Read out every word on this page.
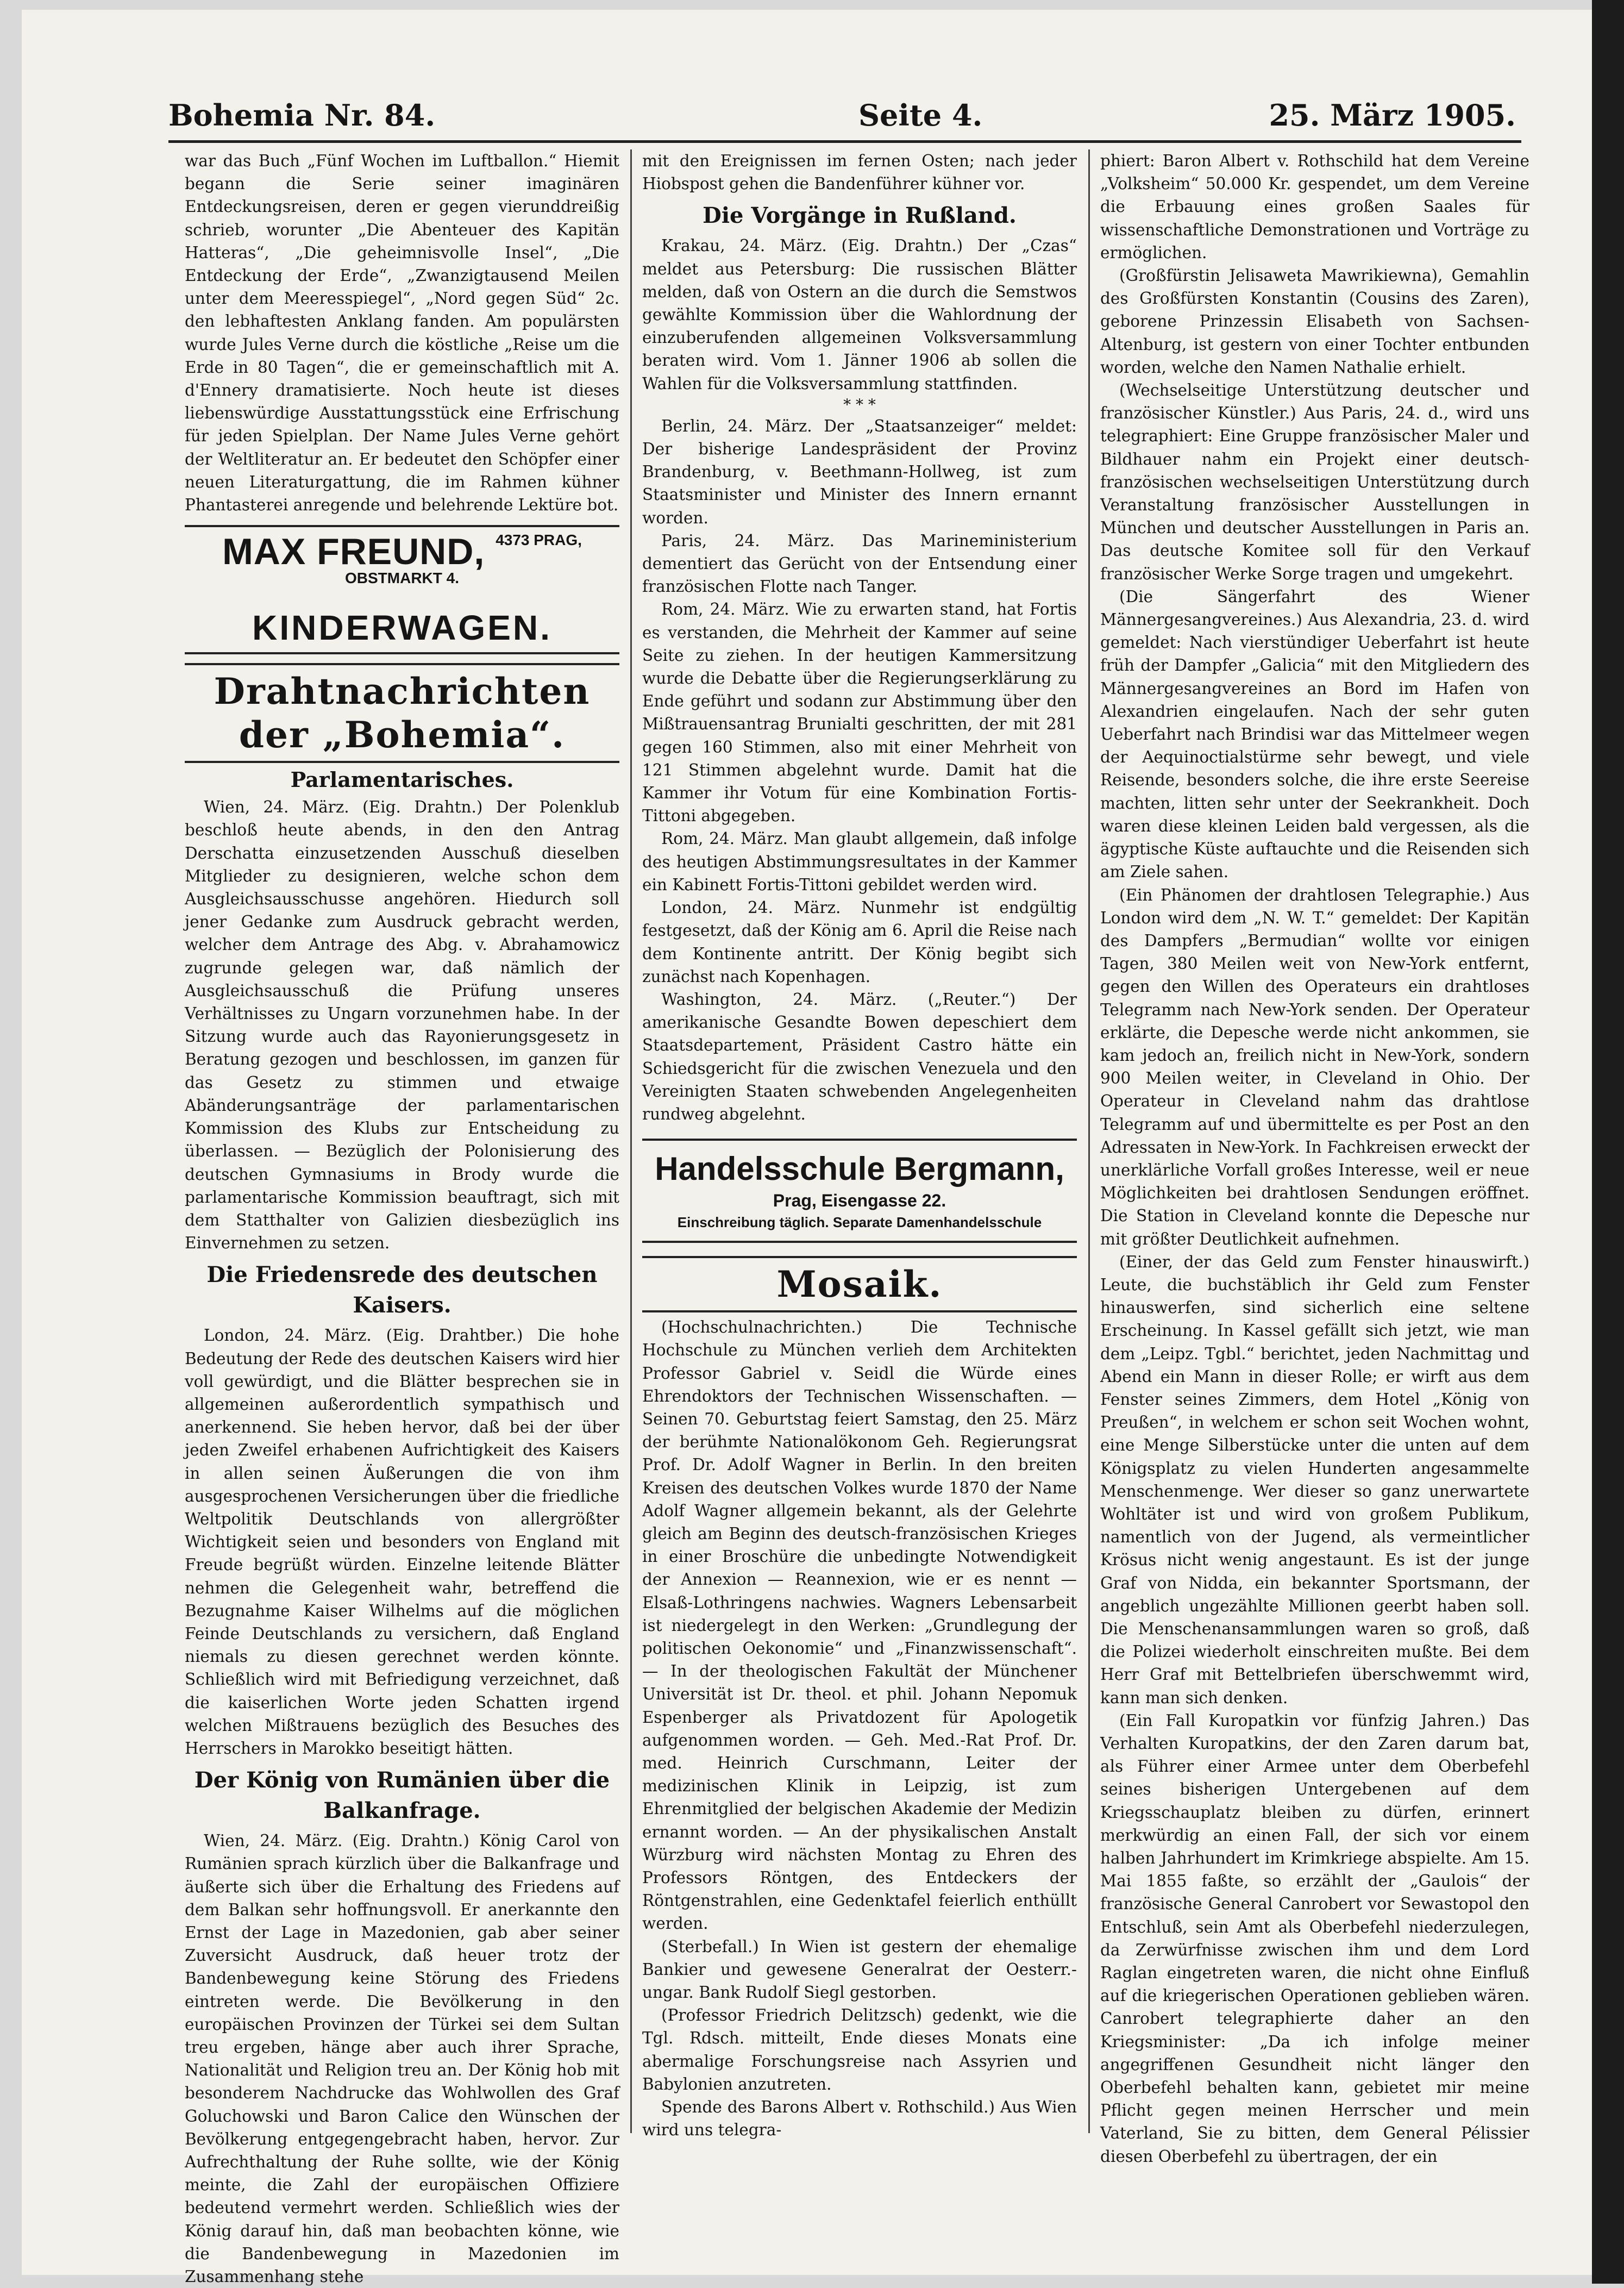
Bohemia Nr. 84.	Seite 4.	25. März 1905.

war das Buch „Fünf Wochen im Luftballon.“ Hiemit begann die Serie seiner imaginären Entdeckungsreisen, deren er gegen vierunddreißig schrieb, worunter „Die Abenteuer des Kapitän Hatteras“, „Die geheimnisvolle Insel“, „Die Entdeckung der Erde“, „Zwanzigtausend Meilen unter dem Meeresspiegel“, „Nord gegen Süd“ 2c. den lebhaftesten Anklang fanden. Am populärsten wurde Jules Verne durch die köstliche „Reise um die Erde in 80 Tagen“, die er gemeinschaftlich mit A. d'Ennery dramatisierte. Noch heute ist dieses liebenswürdige Ausstattungsstück eine Erfrischung für jeden Spielplan. Der Name Jules Verne gehört der Weltliteratur an. Er bedeutet den Schöpfer einer neuen Literaturgattung, die im Rahmen kühner Phantasterei anregende und belehrende Lektüre bot.

MAX FREUND, $^{4373 PRAG, OBSTMARKT 4.}$
KINDERWAGEN.
Drahtnachrichten der „Bohemia“.
Parlamentarisches.

Wien, 24. März. (Eig. Drahtn.) Der Polenklub beschloß heute abends, in den den Antrag Derschatta einzusetzenden Ausschuß dieselben Mitglieder zu designieren, welche schon dem Ausgleichsausschusse angehören. Hiedurch soll jener Gedanke zum Ausdruck gebracht werden, welcher dem Antrage des Abg. v. Abrahamowicz zugrunde gelegen war, daß nämlich der Ausgleichsausschuß die Prüfung unseres Verhältnisses zu Ungarn vorzunehmen habe. In der Sitzung wurde auch das Rayonierungsgesetz in Beratung gezogen und beschlossen, im ganzen für das Gesetz zu stimmen und etwaige Abänderungsanträge der parlamentarischen Kommission des Klubs zur Entscheidung zu überlassen. — Bezüglich der Polonisierung des deutschen Gymnasiums in Brody wurde die parlamentarische Kommission beauftragt, sich mit dem Statthalter von Galizien diesbezüglich ins Einvernehmen zu setzen.

Die Friedensrede des deutschen Kaisers.

London, 24. März. (Eig. Drahtber.) Die hohe Bedeutung der Rede des deutschen Kaisers wird hier voll gewürdigt, und die Blätter besprechen sie in allgemeinen außerordentlich sympathisch und anerkennend. Sie heben hervor, daß bei der über jeden Zweifel erhabenen Aufrichtigkeit des Kaisers in allen seinen Äußerungen die von ihm ausgesprochenen Versicherungen über die friedliche Weltpolitik Deutschlands von allergrößter Wichtigkeit seien und besonders von England mit Freude begrüßt würden. Einzelne leitende Blätter nehmen die Gelegenheit wahr, betreffend die Bezugnahme Kaiser Wilhelms auf die möglichen Feinde Deutschlands zu versichern, daß England niemals zu diesen gerechnet werden könnte. Schließlich wird mit Befriedigung verzeichnet, daß die kaiserlichen Worte jeden Schatten irgend welchen Mißtrauens bezüglich des Besuches des Herrschers in Marokko beseitigt hätten.

Der König von Rumänien über die Balkanfrage.

Wien, 24. März. (Eig. Drahtn.) König Carol von Rumänien sprach kürzlich über die Balkanfrage und äußerte sich über die Erhaltung des Friedens auf dem Balkan sehr hoffnungsvoll. Er anerkannte den Ernst der Lage in Mazedonien, gab aber seiner Zuversicht Ausdruck, daß heuer trotz der Bandenbewegung keine Störung des Friedens eintreten werde. Die Bevölkerung in den europäischen Provinzen der Türkei sei dem Sultan treu ergeben, hänge aber auch ihrer Sprache, Nationalität und Religion treu an. Der König hob mit besonderem Nachdrucke das Wohlwollen des Graf Goluchowski und Baron Calice den Wünschen der Bevölkerung entgegengebracht haben, hervor. Zur Aufrechthaltung der Ruhe sollte, wie der König meinte, die Zahl der europäischen Offiziere bedeutend vermehrt werden. Schließlich wies der König darauf hin, daß man beobachten könne, wie die Bandenbewegung in Mazedonien im Zusammenhang stehe

mit den Ereignissen im fernen Osten; nach jeder Hiobspost gehen die Bandenführer kühner vor.

Die Vorgänge in Rußland.

Krakau, 24. März. (Eig. Drahtn.) Der „Czas“ meldet aus Petersburg: Die russischen Blätter melden, daß von Ostern an die durch die Semstwos gewählte Kommission über die Wahlordnung der einzuberufenden allgemeinen Volksversammlung beraten wird. Vom 1. Jänner 1906 ab sollen die Wahlen für die Volksversammlung stattfinden.

* * *

Berlin, 24. März. Der „Staatsanzeiger“ meldet: Der bisherige Landespräsident der Provinz Brandenburg, v. Beethmann-Hollweg, ist zum Staatsminister und Minister des Innern ernannt worden.

Paris, 24. März. Das Marineministerium dementiert das Gerücht von der Entsendung einer französischen Flotte nach Tanger.

Rom, 24. März. Wie zu erwarten stand, hat Fortis es verstanden, die Mehrheit der Kammer auf seine Seite zu ziehen. In der heutigen Kammersitzung wurde die Debatte über die Regierungserklärung zu Ende geführt und sodann zur Abstimmung über den Mißtrauensantrag Brunialti geschritten, der mit 281 gegen 160 Stimmen, also mit einer Mehrheit von 121 Stimmen abgelehnt wurde. Damit hat die Kammer ihr Votum für eine Kombination Fortis-Tittoni abgegeben.

Rom, 24. März. Man glaubt allgemein, daß infolge des heutigen Abstimmungsresultates in der Kammer ein Kabinett Fortis-Tittoni gebildet werden wird.

London, 24. März. Nunmehr ist endgültig festgesetzt, daß der König am 6. April die Reise nach dem Kontinente antritt. Der König begibt sich zunächst nach Kopenhagen.

Washington, 24. März. („Reuter.“) Der amerikanische Gesandte Bowen depeschiert dem Staatsdepartement, Präsident Castro hätte ein Schiedsgericht für die zwischen Venezuela und den Vereinigten Staaten schwebenden Angelegenheiten rundweg abgelehnt.

Handelsschule Bergmann,
Prag, Eisengasse 22.
Einschreibung täglich. Separate Damenhandelsschule
Mosaik.

(Hochschulnachrichten.) Die Technische Hochschule zu München verlieh dem Architekten Professor Gabriel v. Seidl die Würde eines Ehrendoktors der Technischen Wissenschaften. — Seinen 70. Geburtstag feiert Samstag, den 25. März der berühmte Nationalökonom Geh. Regierungsrat Prof. Dr. Adolf Wagner in Berlin. In den breiten Kreisen des deutschen Volkes wurde 1870 der Name Adolf Wagner allgemein bekannt, als der Gelehrte gleich am Beginn des deutsch-französischen Krieges in einer Broschüre die unbedingte Notwendigkeit der Annexion — Reannexion, wie er es nennt — Elsaß-Lothringens nachwies. Wagners Lebensarbeit ist niedergelegt in den Werken: „Grundlegung der politischen Oekonomie“ und „Finanzwissenschaft“. — In der theologischen Fakultät der Münchener Universität ist Dr. theol. et phil. Johann Nepomuk Espenberger als Privatdozent für Apologetik aufgenommen worden. — Geh. Med.-Rat Prof. Dr. med. Heinrich Curschmann, Leiter der medizinischen Klinik in Leipzig, ist zum Ehrenmitglied der belgischen Akademie der Medizin ernannt worden. — An der physikalischen Anstalt Würzburg wird nächsten Montag zu Ehren des Professors Röntgen, des Entdeckers der Röntgenstrahlen, eine Gedenktafel feierlich enthüllt werden.

(Sterbefall.) In Wien ist gestern der ehemalige Bankier und gewesene Generalrat der Oesterr.-ungar. Bank Rudolf Siegl gestorben.

(Professor Friedrich Delitzsch) gedenkt, wie die Tgl. Rdsch. mitteilt, Ende dieses Monats eine abermalige Forschungsreise nach Assyrien und Babylonien anzutreten.

Spende des Barons Albert v. Rothschild.) Aus Wien wird uns telegra-

phiert: Baron Albert v. Rothschild hat dem Vereine „Volksheim“ 50.000 Kr. gespendet, um dem Vereine die Erbauung eines großen Saales für wissenschaftliche Demonstrationen und Vorträge zu ermöglichen.

(Großfürstin Jelisaweta Mawrikiewna), Gemahlin des Großfürsten Konstantin (Cousins des Zaren), geborene Prinzessin Elisabeth von Sachsen-Altenburg, ist gestern von einer Tochter entbunden worden, welche den Namen Nathalie erhielt.

(Wechselseitige Unterstützung deutscher und französischer Künstler.) Aus Paris, 24. d., wird uns telegraphiert: Eine Gruppe französischer Maler und Bildhauer nahm ein Projekt einer deutsch-französischen wechselseitigen Unterstützung durch Veranstaltung französischer Ausstellungen in München und deutscher Ausstellungen in Paris an. Das deutsche Komitee soll für den Verkauf französischer Werke Sorge tragen und umgekehrt.

(Die Sängerfahrt des Wiener Männergesangvereines.) Aus Alexandria, 23. d. wird gemeldet: Nach vierstündiger Ueberfahrt ist heute früh der Dampfer „Galicia“ mit den Mitgliedern des Männergesangvereines an Bord im Hafen von Alexandrien eingelaufen. Nach der sehr guten Ueberfahrt nach Brindisi war das Mittelmeer wegen der Aequinoctialstürme sehr bewegt, und viele Reisende, besonders solche, die ihre erste Seereise machten, litten sehr unter der Seekrankheit. Doch waren diese kleinen Leiden bald vergessen, als die ägyptische Küste auftauchte und die Reisenden sich am Ziele sahen.

(Ein Phänomen der drahtlosen Telegraphie.) Aus London wird dem „N. W. T.“ gemeldet: Der Kapitän des Dampfers „Bermudian“ wollte vor einigen Tagen, 380 Meilen weit von New-York entfernt, gegen den Willen des Operateurs ein drahtloses Telegramm nach New-York senden. Der Operateur erklärte, die Depesche werde nicht ankommen, sie kam jedoch an, freilich nicht in New-York, sondern 900 Meilen weiter, in Cleveland in Ohio. Der Operateur in Cleveland nahm das drahtlose Telegramm auf und übermittelte es per Post an den Adressaten in New-York. In Fachkreisen erweckt der unerklärliche Vorfall großes Interesse, weil er neue Möglichkeiten bei drahtlosen Sendungen eröffnet. Die Station in Cleveland konnte die Depesche nur mit größter Deutlichkeit aufnehmen.

(Einer, der das Geld zum Fenster hinauswirft.) Leute, die buchstäblich ihr Geld zum Fenster hinauswerfen, sind sicherlich eine seltene Erscheinung. In Kassel gefällt sich jetzt, wie man dem „Leipz. Tgbl.“ berichtet, jeden Nachmittag und Abend ein Mann in dieser Rolle; er wirft aus dem Fenster seines Zimmers, dem Hotel „König von Preußen“, in welchem er schon seit Wochen wohnt, eine Menge Silberstücke unter die unten auf dem Königsplatz zu vielen Hunderten angesammelte Menschenmenge. Wer dieser so ganz unerwartete Wohltäter ist und wird von großem Publikum, namentlich von der Jugend, als vermeintlicher Krösus nicht wenig angestaunt. Es ist der junge Graf von Nidda, ein bekannter Sportsmann, der angeblich ungezählte Millionen geerbt haben soll. Die Menschenansammlungen waren so groß, daß die Polizei wiederholt einschreiten mußte. Bei dem Herr Graf mit Bettelbriefen überschwemmt wird, kann man sich denken.

(Ein Fall Kuropatkin vor fünfzig Jahren.) Das Verhalten Kuropatkins, der den Zaren darum bat, als Führer einer Armee unter dem Oberbefehl seines bisherigen Untergebenen auf dem Kriegsschauplatz bleiben zu dürfen, erinnert merkwürdig an einen Fall, der sich vor einem halben Jahrhundert im Krimkriege abspielte. Am 15. Mai 1855 faßte, so erzählt der „Gaulois“ der französische General Canrobert vor Sewastopol den Entschluß, sein Amt als Oberbefehl niederzulegen, da Zerwürfnisse zwischen ihm und dem Lord Raglan eingetreten waren, die nicht ohne Einfluß auf die kriegerischen Operationen geblieben wären. Canrobert telegraphierte daher an den Kriegsminister: „Da ich infolge meiner angegriffenen Gesundheit nicht länger den Oberbefehl behalten kann, gebietet mir meine Pflicht gegen meinen Herrscher und mein Vaterland, Sie zu bitten, dem General Pélissier diesen Oberbefehl zu übertragen, der ein
